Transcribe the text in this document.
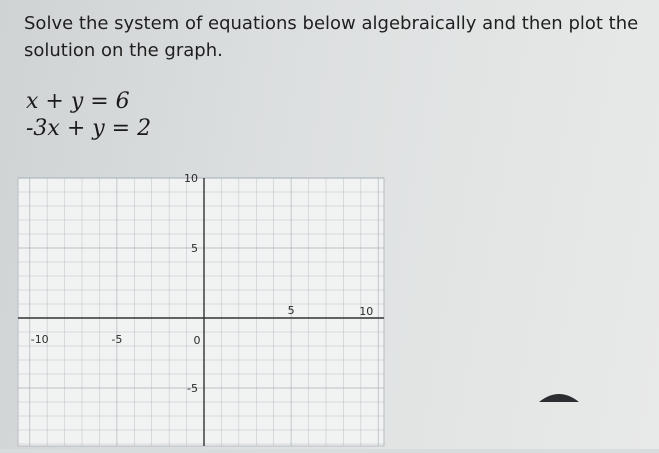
Solve the system of equations below algebraically and then plot the solution on the graph.
x + y = 6
-3x + y = 2
-10	-5	0
5	10
10
5
-5
